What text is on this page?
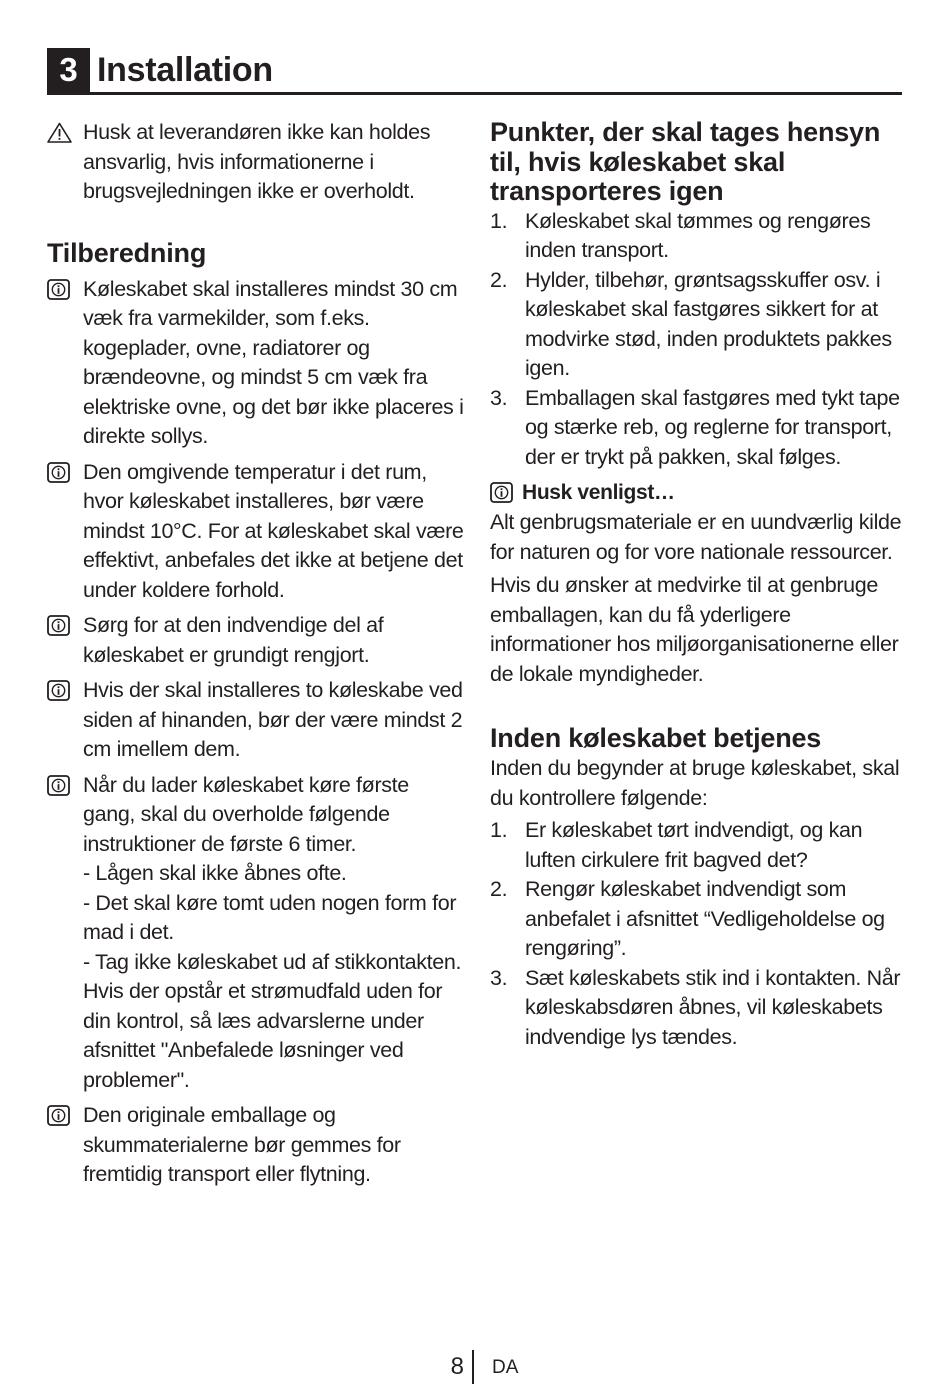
3 Installation
Husk at leverandøren ikke kan holdes ansvarlig, hvis informationerne i brugsvejledningen ikke er overholdt.
Tilberedning
Køleskabet skal installeres mindst 30 cm væk fra varmekilder, som f.eks. kogeplader, ovne, radiatorer og brændeovne, og mindst 5 cm væk fra elektriske ovne, og det bør ikke placeres i direkte sollys.
Den omgivende temperatur i det rum, hvor køleskabet installeres, bør være mindst 10°C. For at køleskabet skal være effektivt, anbefales det ikke at betjene det under koldere forhold.
Sørg for at den indvendige del af køleskabet er grundigt rengjort.
Hvis der skal installeres to køleskabe ved siden af hinanden, bør der være mindst 2 cm imellem dem.
Når du lader køleskabet køre første gang, skal du overholde følgende instruktioner de første 6 timer.
- Lågen skal ikke åbnes ofte.
- Det skal køre tomt uden nogen form for mad i det.
- Tag ikke køleskabet ud af stikkontakten. Hvis der opstår et strømudfald uden for din kontrol, så læs advarslerne under afsnittet "Anbefalede løsninger ved problemer".
Den originale emballage og skummaterialerne bør gemmes for fremtidig transport eller flytning.
Punkter, der skal tages hensyn til, hvis køleskabet skal transporteres igen
1. Køleskabet skal tømmes og rengøres inden transport.
2. Hylder, tilbehør, grøntsagsskuffer osv. i køleskabet skal fastgøres sikkert for at modvirke stød, inden produktets pakkes igen.
3. Emballagen skal fastgøres med tykt tape og stærke reb, og reglerne for transport, der er trykt på pakken, skal følges.
Husk venligst…

Alt genbrugsmateriale er en uundværlig kilde for naturen og for vore nationale ressourcer.

Hvis du ønsker at medvirke til at genbruge emballagen, kan du få yderligere informationer hos miljøorganisationerne eller de lokale myndigheder.

Inden køleskabet betjenes

Inden du begynder at bruge køleskabet, skal du kontrollere følgende:

1. Er køleskabet tørt indvendigt, og kan luften cirkulere frit bagved det?
2. Rengør køleskabet indvendigt som anbefalet i afsnittet “Vedligeholdelse og rengøring”.
3. Sæt køleskabets stik ind i kontakten. Når køleskabsdøren åbnes, vil køleskabets indvendige lys tændes.
8 DA
